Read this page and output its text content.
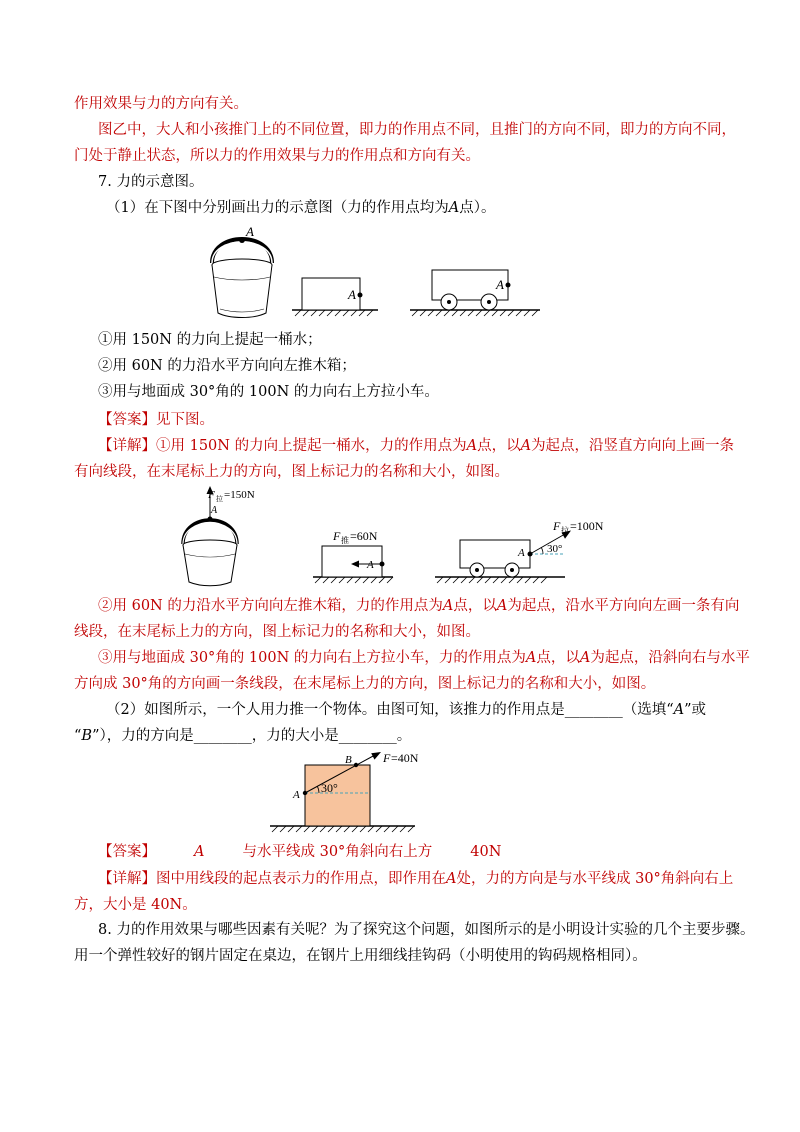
作用效果与力的方向有关。
图乙中，大人和小孩推门上的不同位置，即力的作用点不同，且推门的方向不同，即力的方向不同，
门处于静止状态，所以力的作用效果与力的作用点和方向有关。
7. 力的示意图。
（1）在下图中分别画出力的示意图（力的作用点均为A点）。
A
A
A
①用 150N 的力向上提起一桶水；
②用 60N 的力沿水平方向向左推木箱；
③用与地面成 30°角的 100N 的力向右上方拉小车。
【答案】见下图。
【详解】①用 150N 的力向上提起一桶水，力的作用点为A点，以A为起点，沿竖直方向向上画一条
有向线段，在末尾标上力的方向，图上标记力的名称和大小，如图。
F 拉 =150N
A
A
F 推 =60N
A 30°
F 拉 =100N
②用 60N 的力沿水平方向向左推木箱，力的作用点为A点，以A为起点，沿水平方向向左画一条有向
线段，在末尾标上力的方向，图上标记力的名称和大小，如图。
③用与地面成 30°角的 100N 的力向右上方拉小车，力的作用点为A点，以A为起点，沿斜向右与水平
方向成 30°角的方向画一条线段，在末尾标上力的方向，图上标记力的名称和大小，如图。
（2）如图所示，一个人用力推一个物体。由图可知，该推力的作用点是________（选填“A”或
“B”），力的方向是________，力的大小是________。
B	F =40N
A 30°
【答案】	A	与水平线成 30°角斜向右上方	40N
【详解】图中用线段的起点表示力的作用点，即作用在A处，力的方向是与水平线成 30°角斜向右上
方，大小是 40N。
8. 力的作用效果与哪些因素有关呢？为了探究这个问题，如图所示的是小明设计实验的几个主要步骤。
用一个弹性较好的钢片固定在桌边，在钢片上用细线挂钩码（小明使用的钩码规格相同）。
